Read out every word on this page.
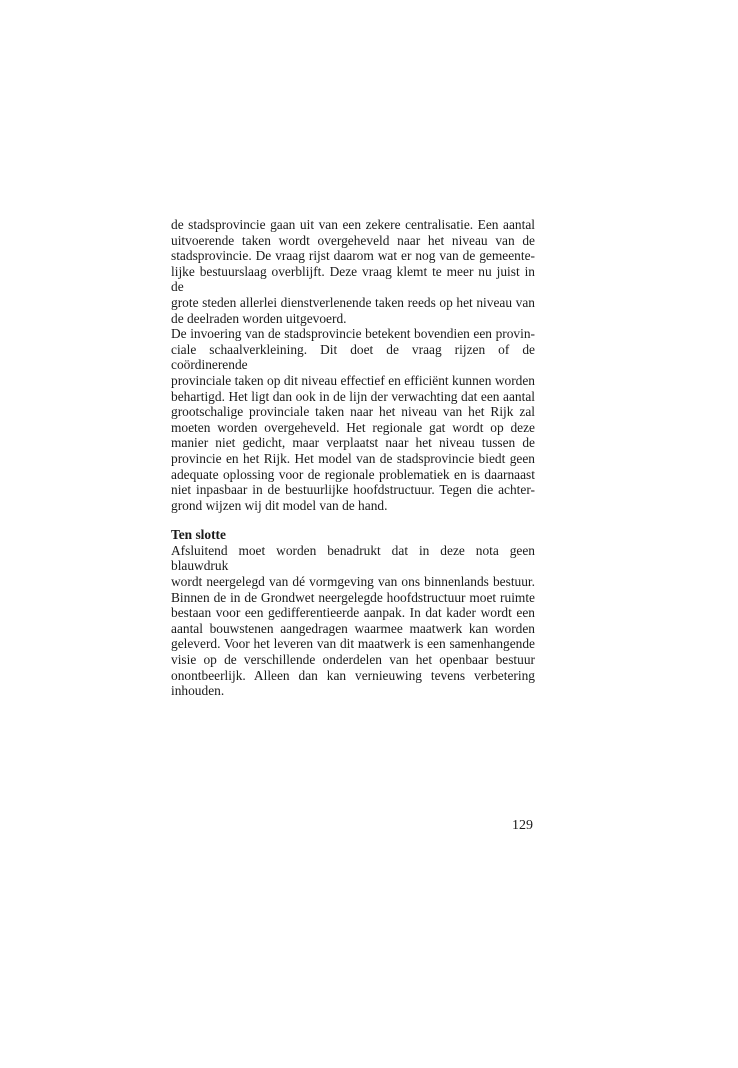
de stadsprovincie gaan uit van een zekere centralisatie. Een aantal
uitvoerende taken wordt overgeheveld naar het niveau van de
stadsprovincie. De vraag rijst daarom wat er nog van de gemeente-
lijke bestuurslaag overblijft. Deze vraag klemt te meer nu juist in de
grote steden allerlei dienstverlenende taken reeds op het niveau van
de deelraden worden uitgevoerd.
De invoering van de stadsprovincie betekent bovendien een provin-
ciale schaalverkleining. Dit doet de vraag rijzen of de coördinerende
provinciale taken op dit niveau effectief en efficiënt kunnen worden
behartigd. Het ligt dan ook in de lijn der verwachting dat een aantal
grootschalige provinciale taken naar het niveau van het Rijk zal
moeten worden overgeheveld. Het regionale gat wordt op deze
manier niet gedicht, maar verplaatst naar het niveau tussen de
provincie en het Rijk. Het model van de stadsprovincie biedt geen
adequate oplossing voor de regionale problematiek en is daarnaast
niet inpasbaar in de bestuurlijke hoofdstructuur. Tegen die achter-
grond wijzen wij dit model van de hand.
Ten slotte
Afsluitend moet worden benadrukt dat in deze nota geen blauwdruk
wordt neergelegd van dé vormgeving van ons binnenlands bestuur.
Binnen de in de Grondwet neergelegde hoofdstructuur moet ruimte
bestaan voor een gedifferentieerde aanpak. In dat kader wordt een
aantal bouwstenen aangedragen waarmee maatwerk kan worden
geleverd. Voor het leveren van dit maatwerk is een samenhangende
visie op de verschillende onderdelen van het openbaar bestuur
onontbeerlijk. Alleen dan kan vernieuwing tevens verbetering
inhouden.
129
